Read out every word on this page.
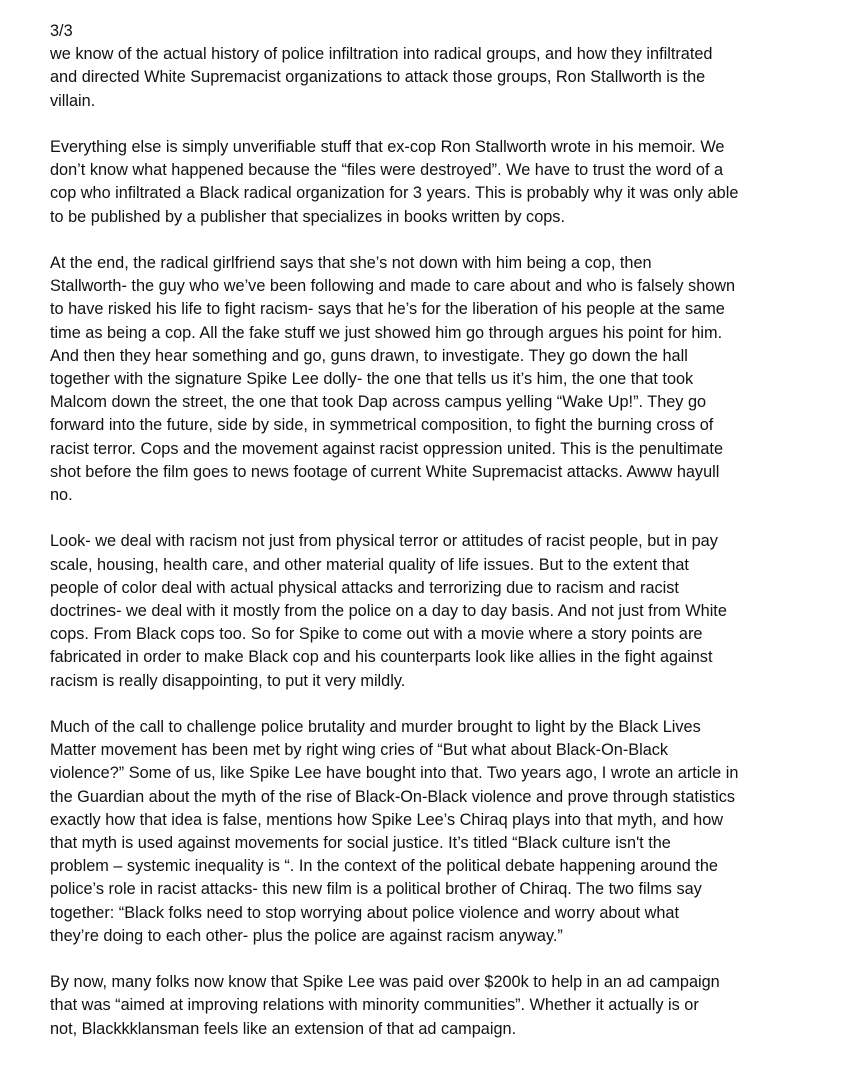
3/3
we know of the actual history of police infiltration into radical groups, and how they infiltrated
and directed White Supremacist organizations to attack those groups, Ron Stallworth is the
villain.
Everything else is simply unverifiable stuff that ex-cop Ron Stallworth wrote in his memoir. We
don’t know what happened because the “files were destroyed”. We have to trust the word of a
cop who infiltrated a Black radical organization for 3 years. This is probably why it was only able
to be published by a publisher that specializes in books written by cops.
At the end, the radical girlfriend says that she’s not down with him being a cop, then
Stallworth- the guy who we’ve been following and made to care about and who is falsely shown
to have risked his life to fight racism- says that he’s for the liberation of his people at the same
time as being a cop. All the fake stuff we just showed him go through argues his point for him.
And then they hear something and go, guns drawn, to investigate. They go down the hall
together with the signature Spike Lee dolly- the one that tells us it’s him, the one that took
Malcom down the street, the one that took Dap across campus yelling “Wake Up!”. They go
forward into the future, side by side, in symmetrical composition, to fight the burning cross of
racist terror. Cops and the movement against racist oppression united. This is the penultimate
shot before the film goes to news footage of current White Supremacist attacks. Awww hayull
no.
Look- we deal with racism not just from physical terror or attitudes of racist people, but in pay
scale, housing, health care, and other material quality of life issues. But to the extent that
people of color deal with actual physical attacks and terrorizing due to racism and racist
doctrines- we deal with it mostly from the police on a day to day basis. And not just from White
cops. From Black cops too. So for Spike to come out with a movie where a story points are
fabricated in order to make Black cop and his counterparts look like allies in the fight against
racism is really disappointing, to put it very mildly.
Much of the call to challenge police brutality and murder brought to light by the Black Lives
Matter movement has been met by right wing cries of “But what about Black-On-Black
violence?” Some of us, like Spike Lee have bought into that. Two years ago, I wrote an article in
the Guardian about the myth of the rise of Black-On-Black violence and prove through statistics
exactly how that idea is false, mentions how Spike Lee’s Chiraq plays into that myth, and how
that myth is used against movements for social justice. It’s titled “Black culture isn't the
problem – systemic inequality is “. In the context of the political debate happening around the
police’s role in racist attacks- this new film is a political brother of Chiraq. The two films say
together: “Black folks need to stop worrying about police violence and worry about what
they’re doing to each other- plus the police are against racism anyway.”
By now, many folks now know that Spike Lee was paid over $200k to help in an ad campaign
that was “aimed at improving relations with minority communities”. Whether it actually is or
not, Blackkklansman feels like an extension of that ad campaign.
